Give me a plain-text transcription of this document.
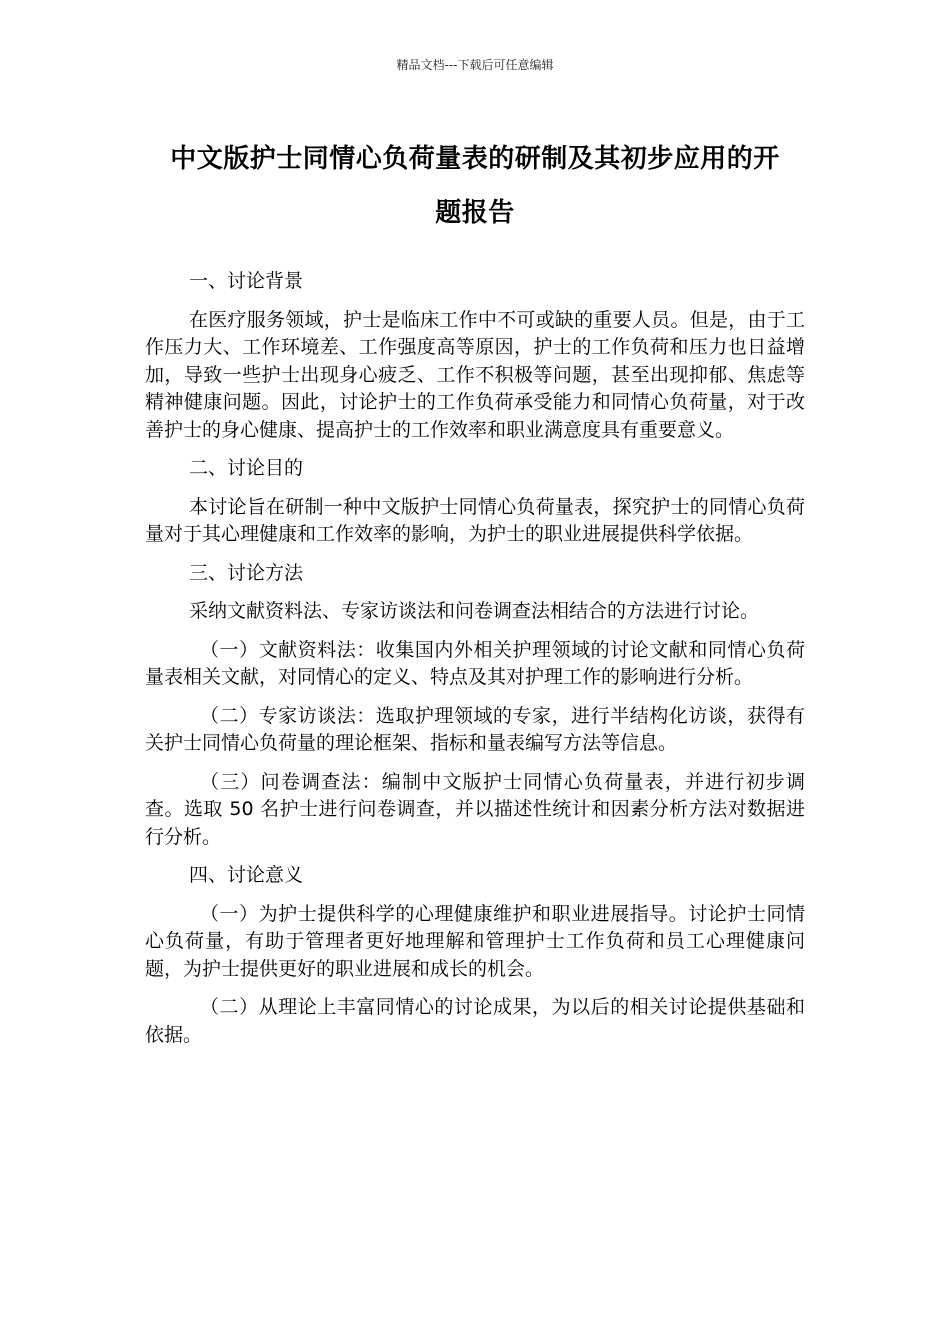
精品文档---下载后可任意编辑
中文版护士同情心负荷量表的研制及其初步应用的开
题报告
一、讨论背景

在医疗服务领域，护士是临床工作中不可或缺的重要人员。但是，由于工作压力大、工作环境差、工作强度高等原因，护士的工作负荷和压力也日益增加，导致一些护士出现身心疲乏、工作不积极等问题，甚至出现抑郁、焦虑等精神健康问题。因此，讨论护士的工作负荷承受能力和同情心负荷量，对于改善护士的身心健康、提高护士的工作效率和职业满意度具有重要意义。

二、讨论目的

本讨论旨在研制一种中文版护士同情心负荷量表，探究护士的同情心负荷量对于其心理健康和工作效率的影响，为护士的职业进展提供科学依据。

三、讨论方法

采纳文献资料法、专家访谈法和问卷调查法相结合的方法进行讨论。

（一）文献资料法：收集国内外相关护理领域的讨论文献和同情心负荷量表相关文献，对同情心的定义、特点及其对护理工作的影响进行分析。

（二）专家访谈法：选取护理领域的专家，进行半结构化访谈，获得有关护士同情心负荷量的理论框架、指标和量表编写方法等信息。

（三）问卷调查法：编制中文版护士同情心负荷量表，并进行初步调查。选取 50 名护士进行问卷调查，并以描述性统计和因素分析方法对数据进行分析。

四、讨论意义

（一）为护士提供科学的心理健康维护和职业进展指导。讨论护士同情心负荷量，有助于管理者更好地理解和管理护士工作负荷和员工心理健康问题，为护士提供更好的职业进展和成长的机会。

（二）从理论上丰富同情心的讨论成果，为以后的相关讨论提供基础和依据。
